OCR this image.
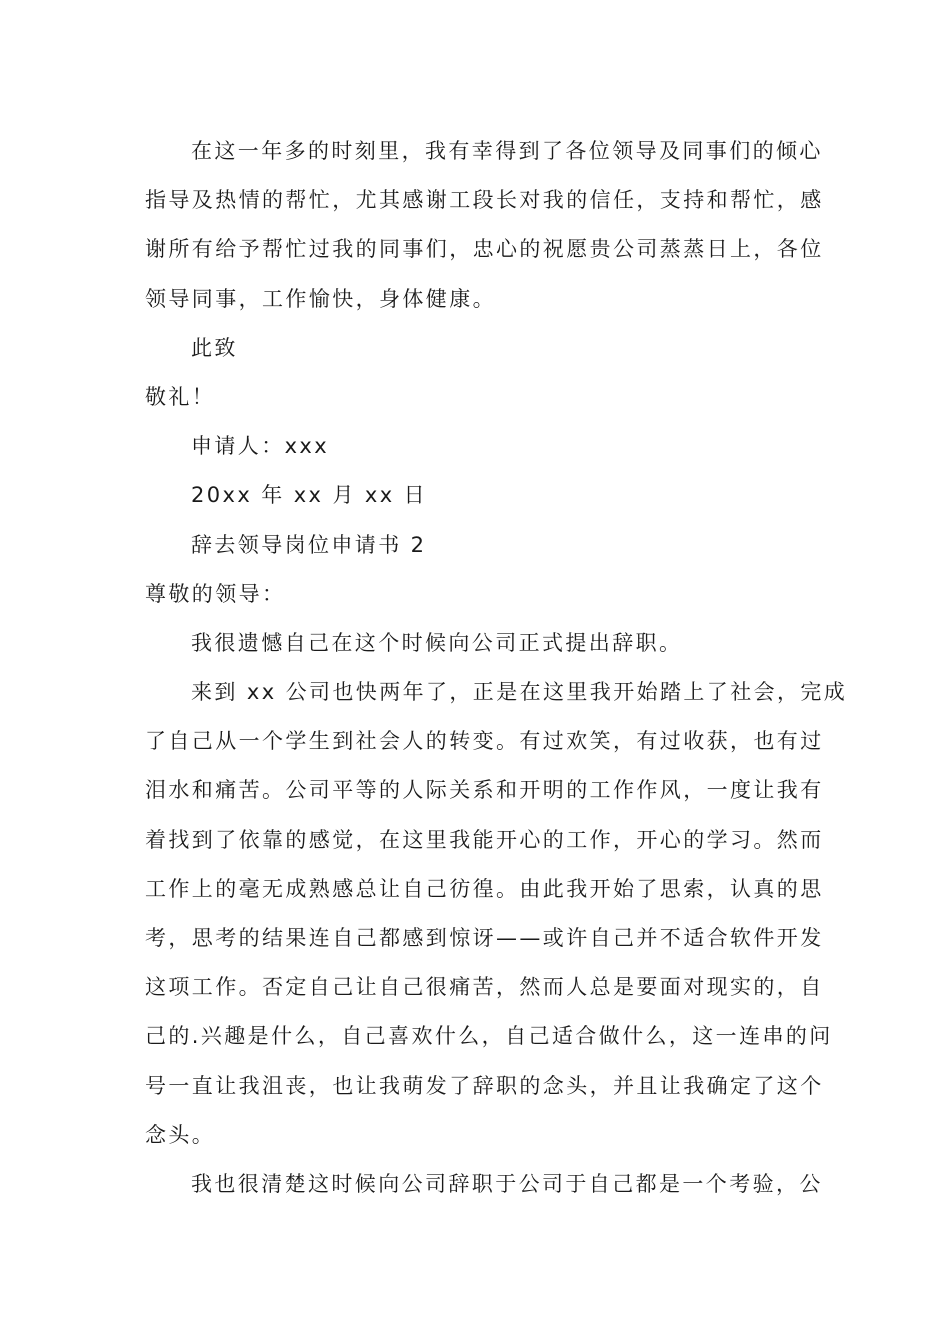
在这一年多的时刻里，我有幸得到了各位领导及同事们的倾心
指导及热情的帮忙，尤其感谢工段长对我的信任，支持和帮忙，感
谢所有给予帮忙过我的同事们，忠心的祝愿贵公司蒸蒸日上，各位
领导同事，工作愉快，身体健康。
此致
敬礼！
申请人：xxx
20xx 年 xx 月 xx 日
辞去领导岗位申请书 2
尊敬的领导：
我很遗憾自己在这个时候向公司正式提出辞职。
来到 xx 公司也快两年了，正是在这里我开始踏上了社会，完成
了自己从一个学生到社会人的转变。有过欢笑，有过收获，也有过
泪水和痛苦。公司平等的人际关系和开明的工作作风，一度让我有
着找到了依靠的感觉，在这里我能开心的工作，开心的学习。然而
工作上的毫无成熟感总让自己彷徨。由此我开始了思索，认真的思
考，思考的结果连自己都感到惊讶——或许自己并不适合软件开发
这项工作。否定自己让自己很痛苦，然而人总是要面对现实的，自
己的.兴趣是什么，自己喜欢什么，自己适合做什么，这一连串的问
号一直让我沮丧，也让我萌发了辞职的念头，并且让我确定了这个
念头。
我也很清楚这时候向公司辞职于公司于自己都是一个考验，公
